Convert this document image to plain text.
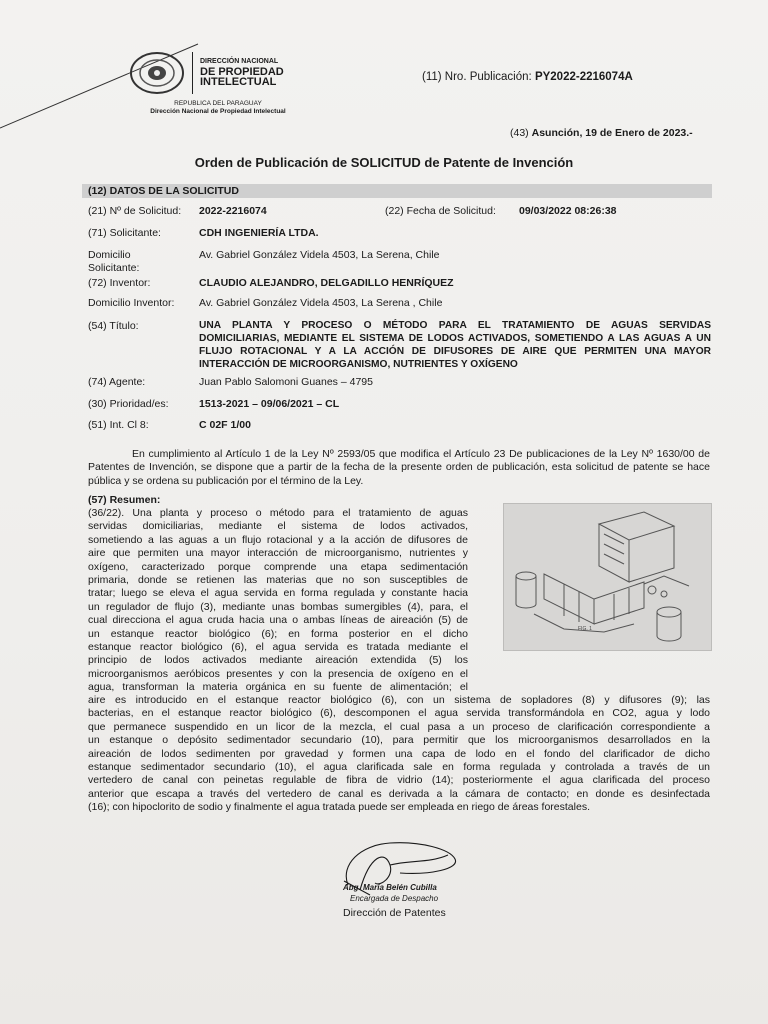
DIRECCIÓN NACIONAL
DE PROPIEDAD
INTELECTUAL
REPUBLICA DEL PARAGUAY
Dirección Nacional de Propiedad Intelectual
(11) Nro. Publicación: PY2022-2216074A
(43) Asunción, 19 de Enero de 2023.-
Orden de Publicación de SOLICITUD de Patente de Invención
(12) DATOS DE LA SOLICITUD
(21) Nº de Solicitud: 2022-2216074	(22) Fecha de Solicitud: 09/03/2022 08:26:38
(71) Solicitante:	CDH INGENIERÍA LTDA.
Domicilio
Solicitante:
Av. Gabriel González Videla 4503, La Serena, Chile
(72) Inventor:	CLAUDIO ALEJANDRO, DELGADILLO HENRÍQUEZ
Domicilio Inventor: Av. Gabriel González Videla 4503, La Serena , Chile
(54) Título:	UNA PLANTA Y PROCESO O MÉTODO PARA EL TRATAMIENTO DE AGUAS SERVIDAS
DOMICILIARIAS, MEDIANTE EL SISTEMA DE LODOS ACTIVADOS, SOMETIENDO A LAS AGUAS A UN
FLUJO ROTACIONAL Y A LA ACCIÓN DE DIFUSORES DE AIRE QUE PERMITEN UNA MAYOR
INTERACCIÓN DE MICROORGANISMO, NUTRIENTES Y OXÍGENO
(74) Agente:	Juan Pablo Salomoni Guanes – 4795
(30) Prioridad/es:	1513-2021 – 09/06/2021 – CL
(51) Int. Cl 8:	C 02F 1/00
En cumplimiento al Artículo 1 de la Ley Nº 2593/05 que modifica el Artículo 23 De publicaciones de la Ley Nº 1630/00 de Patentes de Invención, se dispone que a partir de la fecha de la presente orden de publicación, esta solicitud de patente se hace pública y se ordena su publicación por el término de la Ley.
(57) Resumen:
(36/22). Una planta y proceso o método para el tratamiento de aguas
servidas domiciliarias, mediante el sistema de lodos activados,
sometiendo a las aguas a un flujo rotacional y a la acción de difusores de
aire que permiten una mayor interacción de microorganismo, nutrientes y
oxígeno, caracterizado porque comprende una etapa sedimentación
primaria, donde se retienen las materias que no son susceptibles de
tratar; luego se eleva el agua servida en forma regulada y constante hacia
un regulador de flujo (3), mediante unas bombas sumergibles (4), para, el
cual direcciona el agua cruda hacia una o ambas líneas de aireación (5) de
un estanque reactor biológico (6); en forma posterior en el dicho
estanque reactor biológico (6), el agua servida es tratada mediante el
principio de lodos activados mediante aireación extendida (5) los
microorganismos aeróbicos presentes y con la presencia de oxígeno en el
agua, transforman la materia orgánica en su fuente de alimentación; el
FIG. 1
aire es introducido en el estanque reactor biológico (6), con un sistema de sopladores (8) y difusores (9); las
bacterias, en el estanque reactor biológico (6), descomponen el agua servida transformándola en CO2, agua y lodo
que permanece suspendido en un licor de la mezcla, el cual pasa a un proceso de clarificación correspondiente a
un estanque o depósito sedimentador secundario (10), para permitir que los microorganismos desarrollados en la
aireación de lodos sedimenten por gravedad y formen una capa de lodo en el fondo del clarificador de dicho
estanque sedimentador secundario (10), el agua clarificada sale en forma regulada y controlada a través de un
vertedero de canal con peinetas regulable de fibra de vidrio (14); posteriormente el agua clarificada del proceso
anterior que escapa a través del vertedero de canal es derivada a la cámara de contacto; en donde es desinfectada
(16); con hipoclorito de sodio y finalmente el agua tratada puede ser empleada en riego de áreas forestales.
Abg. María Belén Cubilla
Encargada de Despacho
Dirección de Patentes
